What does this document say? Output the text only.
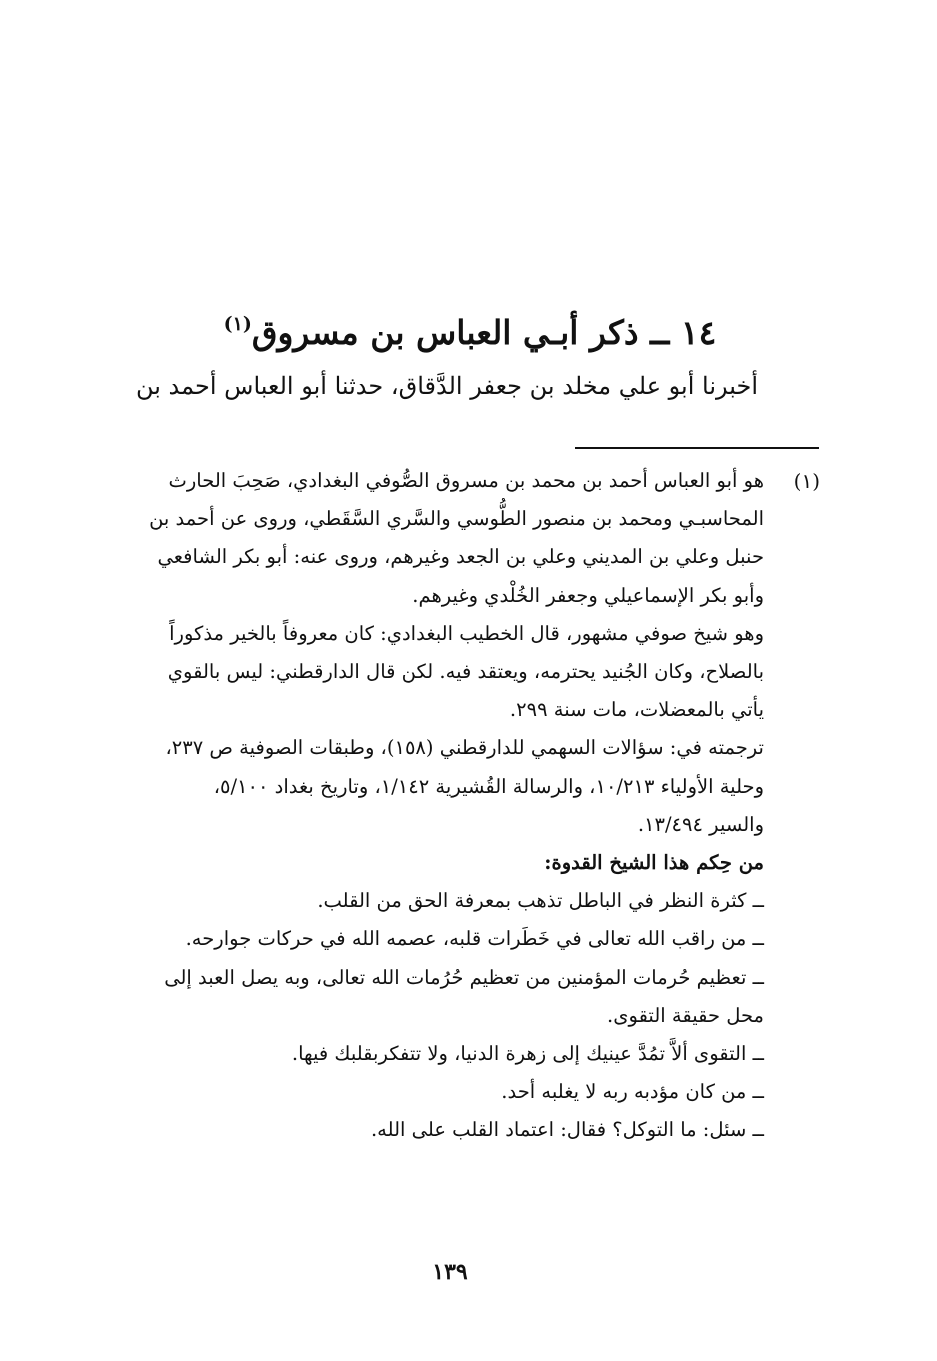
١٤ ــ ذكر أبـي العباس بن مسروق$^{(١)}$
أخبرنا أبو علي مخلد بن جعفر الدَّقاق، حدثنا أبو العباس أحمد بن
(١)
هو أبو العباس أحمد بن محمد بن مسروق الصُّوفي البغدادي، صَحِبَ الحارث
المحاسبـي ومحمد بن منصور الطُّوسي والسَّري السَّقَطي، وروى عن أحمد بن
حنبل وعلي بن المديني وعلي بن الجعد وغيرهم، وروى عنه: أبو بكر الشافعي
وأبو بكر الإسماعيلي وجعفر الخُلْدي وغيرهم.
وهو شيخ صوفي مشهور، قال الخطيب البغدادي: كان معروفاً بالخير مذكوراً
بالصلاح، وكان الجُنيد يحترمه، ويعتقد فيه. لكن قال الدارقطني: ليس بالقوي
يأتي بالمعضلات، مات سنة ٢٩٩.
ترجمته في: سؤالات السهمي للدارقطني (١٥٨)، وطبقات الصوفية ص ٢٣٧،
وحلية الأولياء ١٠/٢١٣، والرسالة القُشيرية ١/١٤٢، وتاريخ بغداد ٥/١٠٠،
والسير ١٣/٤٩٤.
من حِكم هذا الشيخ القدوة:
ــ كثرة النظر في الباطل تذهب بمعرفة الحق من القلب.
ــ من راقب الله تعالى في خَطَرات قلبه، عصمه الله في حركات جوارحه.
ــ تعظيم حُرمات المؤمنين من تعظيم حُرُمات الله تعالى، وبه يصل العبد إلى
محل حقيقة التقوى.
ــ التقوى ألاَّ تمُدَّ عينيك إلى زهرة الدنيا، ولا تتفكربقلبك فيها.
ــ من كان مؤدبه ربه لا يغلبه أحد.
ــ سئل: ما التوكل؟ فقال: اعتماد القلب على الله.
١٣٩
